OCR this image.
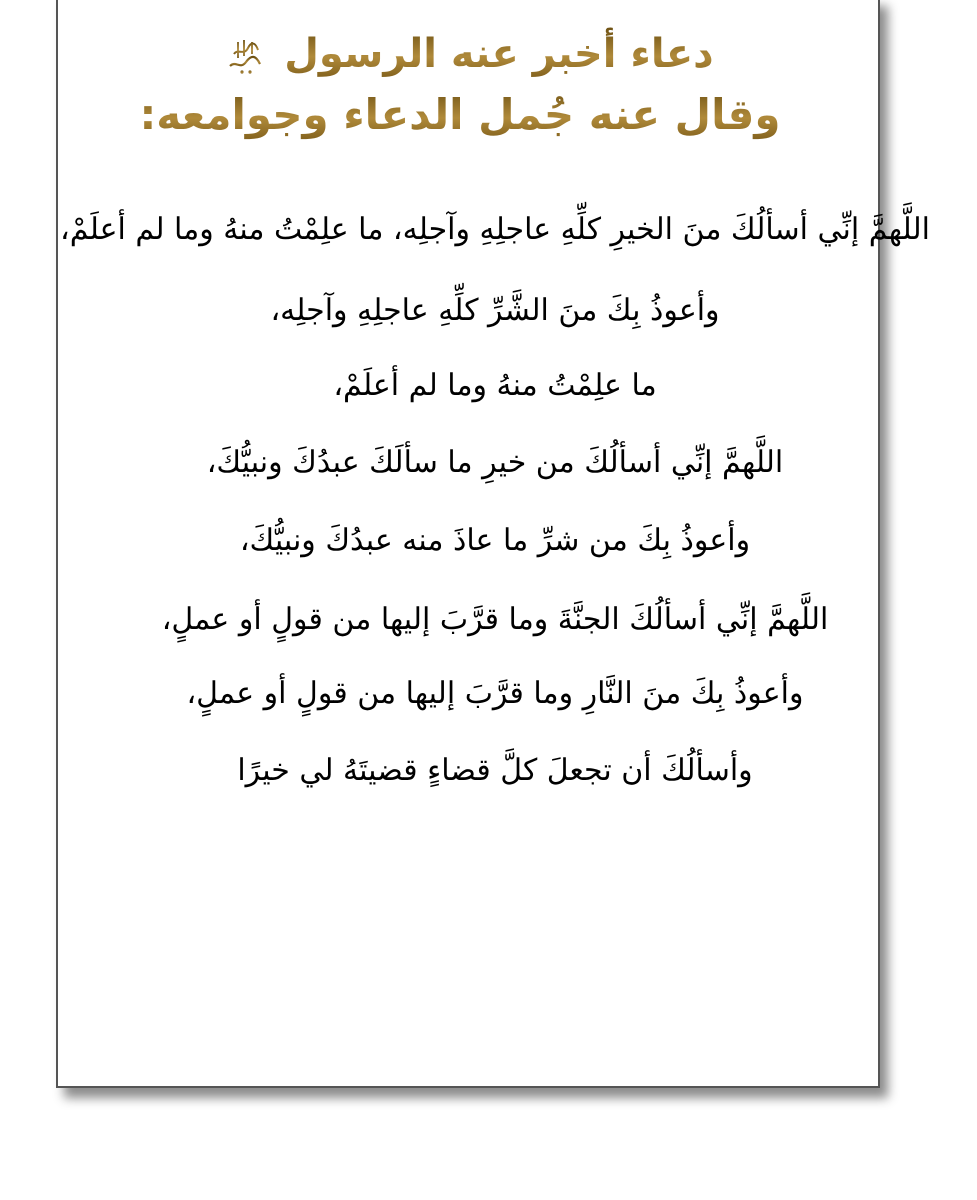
دعاء أخبر عنه الرسول
وقال عنه جُمل الدعاء وجوامعه:
اللَّهمَّ إنِّي أسألُكَ منَ الخيرِ كلِّهِ عاجلِهِ وآجلِه، ما علِمْتُ منهُ وما لم أعلَمْ،
وأعوذُ بِكَ منَ الشَّرِّ كلِّهِ عاجلِهِ وآجلِه،
ما علِمْتُ منهُ وما لم أعلَمْ،
اللَّهمَّ إنِّي أسألُكَ من خيرِ ما سألَكَ عبدُكَ ونبيُّكَ،
وأعوذُ بِكَ من شرِّ ما عاذَ منه عبدُكَ ونبيُّكَ،
اللَّهمَّ إنِّي أسألُكَ الجنَّةَ وما قرَّبَ إليها من قولٍ أو عملٍ،
وأعوذُ بِكَ منَ النَّارِ وما قرَّبَ إليها من قولٍ أو عملٍ،
وأسألُكَ أن تجعلَ كلَّ قضاءٍ قضيتَهُ لي خيرًا
